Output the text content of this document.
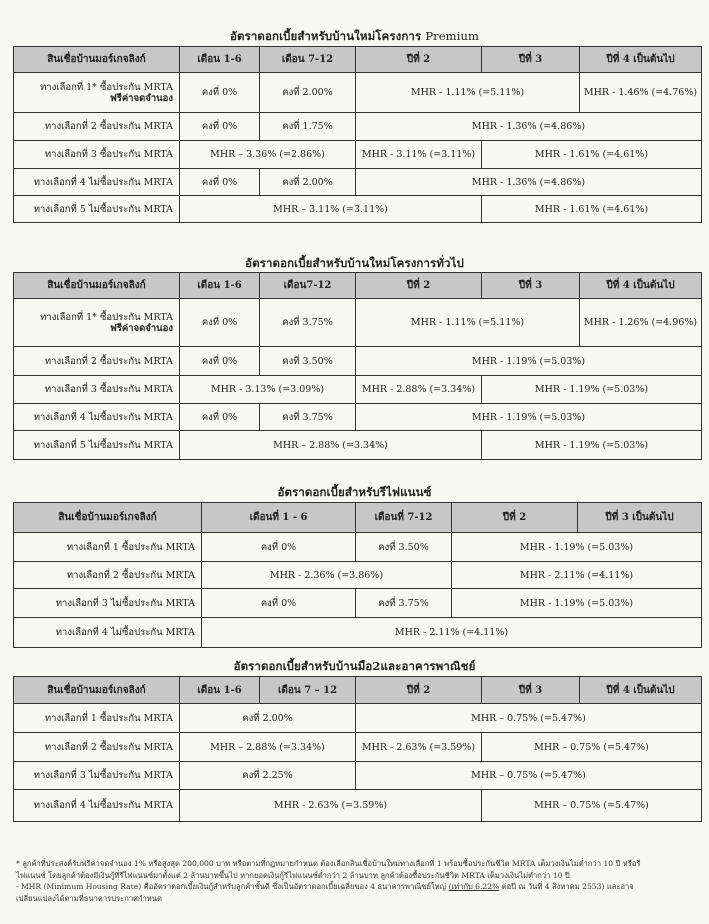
อัตราดอกเบี้ยสำหรับบ้านใหม่โครงการ Premium
สินเชื่อบ้านมอร์เกจลิงก์	เดือน 1-6	เดือน 7-12	ปีที่ 2	ปีที่ 3	ปีที่ 4 เป็นต้นไป
ทางเลือกที่ 1* ซื้อประกัน MRTA
ฟรีค่าจดจำนอง	คงที่ 0%	คงที่ 2.00%	MHR - 1.11% (=5.11%)		MHR - 1.46% (=4.76%)
ทางเลือกที่ 2 ซื้อประกัน MRTA	คงที่ 0%	คงที่ 1.75%	MHR - 1.36% (=4.86%)		
ทางเลือกที่ 3 ซื้อประกัน MRTA	MHR – 3.36% (=2.86%)		MHR - 3.11% (=3.11%)	MHR - 1.61% (=4.61%)	
ทางเลือกที่ 4 ไม่ซื้อประกัน MRTA	คงที่ 0%	คงที่ 2.00%	MHR - 1.36% (=4.86%)		
ทางเลือกที่ 5 ไม่ซื้อประกัน MRTA	MHR – 3.11% (=3.11%)			MHR - 1.61% (=4.61%)	
อัตราดอกเบี้ยสำหรับบ้านใหม่โครงการทั่วไป
สินเชื่อบ้านมอร์เกจลิงก์	เดือน 1-6	เดือน7-12	ปีที่ 2	ปีที่ 3	ปีที่ 4 เป็นต้นไป
ทางเลือกที่ 1* ซื้อประกัน MRTA
ฟรีค่าจดจำนอง	คงที่ 0%	คงที่ 3.75%	MHR - 1.11% (=5.11%)		MHR - 1.26% (=4.96%)
ทางเลือกที่ 2 ซื้อประกัน MRTA	คงที่ 0%	คงที่ 3.50%	MHR - 1.19% (=5.03%)		
ทางเลือกที่ 3 ซื้อประกัน MRTA	MHR - 3.13% (=3.09%)		MHR - 2.88% (=3.34%)	MHR - 1.19% (=5.03%)	
ทางเลือกที่ 4 ไม่ซื้อประกัน MRTA	คงที่ 0%	คงที่ 3.75%	MHR - 1.19% (=5.03%)		
ทางเลือกที่ 5 ไม่ซื้อประกัน MRTA	MHR – 2.88% (=3.34%)			MHR - 1.19% (=5.03%)	
อัตราดอกเบี้ยสำหรับรีไฟแนนซ์
สินเชื่อบ้านมอร์เกจลิงก์	เดือนที่ 1 - 6	เดือนที่ 7-12	ปีที่ 2	ปีที่ 3 เป็นต้นไป
ทางเลือกที่ 1 ซื้อประกัน MRTA	คงที่ 0%	คงที่ 3.50%	MHR - 1.19% (=5.03%)	
ทางเลือกที่ 2 ซื้อประกัน MRTA	MHR - 2.36% (=3.86%)		MHR - 2.11% (=4.11%)	
ทางเลือกที่ 3 ไม่ซื้อประกัน MRTA	คงที่ 0%	คงที่ 3.75%	MHR - 1.19% (=5.03%)	
ทางเลือกที่ 4 ไม่ซื้อประกัน MRTA	MHR - 2.11% (=4.11%)			
อัตราดอกเบี้ยสำหรับบ้านมือ2และอาคารพาณิชย์
สินเชื่อบ้านมอร์เกจลิงก์	เดือน 1-6	เดือน 7 – 12	ปีที่ 2	ปีที่ 3	ปีที่ 4 เป็นต้นไป
ทางเลือกที่ 1 ซื้อประกัน MRTA	คงที่ 2.00%		MHR – 0.75% (=5.47%)		
ทางเลือกที่ 2 ซื้อประกัน MRTA	MHR – 2.88% (=3.34%)		MHR - 2.63% (=3.59%)	MHR – 0.75% (=5.47%)	
ทางเลือกที่ 3 ไม่ซื้อประกัน MRTA	คงที่ 2.25%		MHR – 0.75% (=5.47%)		
ทางเลือกที่ 4 ไม่ซื้อประกัน MRTA	MHR - 2.63% (=3.59%)			MHR – 0.75% (=5.47%)	
* ลูกค้าที่ประสงค์รับฟรีค่าจดจำนอง 1% หรือสูงสุด 200,000 บาท หรือตามที่กฎหมายกำหนด ต้องเลือกสินเชื่อบ้านใหม่ทางเลือกที่ 1 พร้อมซื้อประกันชีวิต MRTA เต็มวงเงินไม่ต่ำกว่า 10 ปี หรือรี
ไฟแนนซ์ โดยลูกค้าต้องมีเงินกู้ที่รีไฟแนนซ์มาตั้งแต่ 2 ล้านบาทขึ้นไป หากยอดเงินกู้รีไฟแนนซ์ต่ำกว่า 2 ล้านบาท ลูกค้าต้องซื้อประกันชีวิต MRTA เต็มวงเงินไม่ต่ำกว่า 10 ปี
- MHR (Minimum Housing Rate) คืออัตราดอกเบี้ยเงินกู้สำหรับลูกค้าชั้นดี ซึ่งเป็นอัตราดอกเบี้ยเฉลี่ยของ 4 ธนาคารพาณิชย์ใหญ่ (เท่ากับ 6.22% ต่อปี ณ วันที่ 4 สิงหาคม 2553) และอาจ
เปลี่ยนแปลงได้ตามที่ธนาคารประกาศกำหนด
